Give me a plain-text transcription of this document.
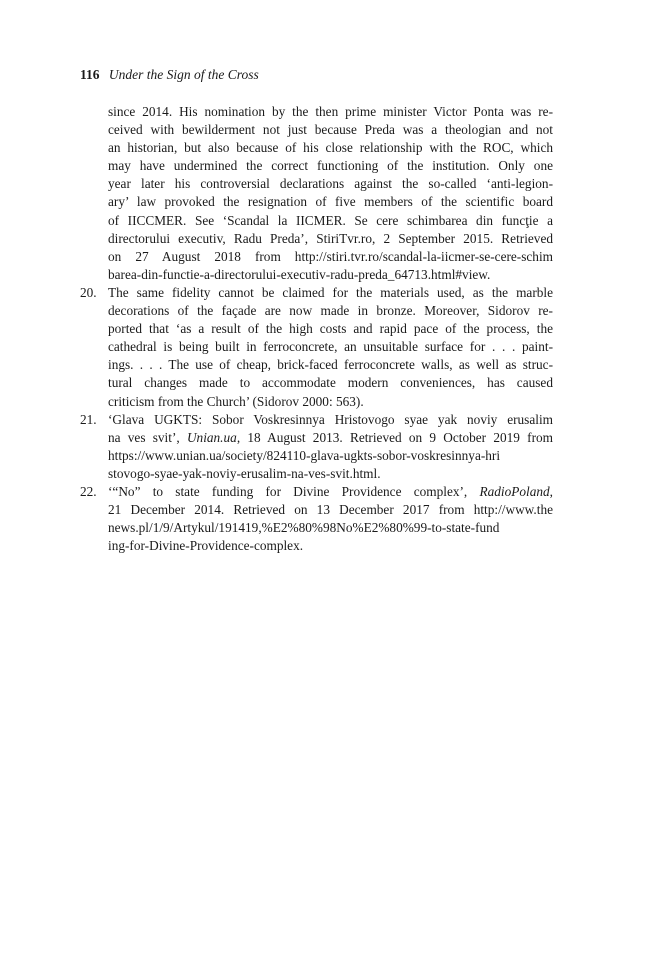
116 Under the Sign of the Cross
since 2014. His nomination by the then prime minister Victor Ponta was re-
ceived with bewilderment not just because Preda was a theologian and not
an historian, but also because of his close relationship with the ROC, which
may have undermined the correct functioning of the institution. Only one
year later his controversial declarations against the so-called ‘anti-legion-
ary’ law provoked the resignation of five members of the scientific board
of IICCMER. See ‘Scandal la IICMER. Se cere schimbarea din funcţie a
directorului executiv, Radu Preda’, StiriTvr.ro, 2 September 2015. Retrieved
on 27 August 2018 from http://stiri.tvr.ro/scandal-la-iicmer-se-cere-schim
barea-din-functie-a-directorului-executiv-radu-preda_64713.html#view.
20. The same fidelity cannot be claimed for the materials used, as the marble
decorations of the façade are now made in bronze. Moreover, Sidorov re-
ported that ‘as a result of the high costs and rapid pace of the process, the
cathedral is being built in ferroconcrete, an unsuitable surface for . . . paint-
ings. . . . The use of cheap, brick-faced ferroconcrete walls, as well as struc-
tural changes made to accommodate modern conveniences, has caused
criticism from the Church’ (Sidorov 2000: 563).
21. ‘Glava UGKTS: Sobor Voskresinnya Hristovogo syae yak noviy erusalim
na ves svit’, Unian.ua, 18 August 2013. Retrieved on 9 October 2019 from
https://www.unian.ua/society/824110-glava-ugkts-sobor-voskresinnya-hri
stovogo-syae-yak-noviy-erusalim-na-ves-svit.html.
22. ‘“No” to state funding for Divine Providence complex’, RadioPoland,
21 December 2014. Retrieved on 13 December 2017 from http://www.the
news.pl/1/9/Artykul/191419,%E2%80%98No%E2%80%99-to-state-fund
ing-for-Divine-Providence-complex.
